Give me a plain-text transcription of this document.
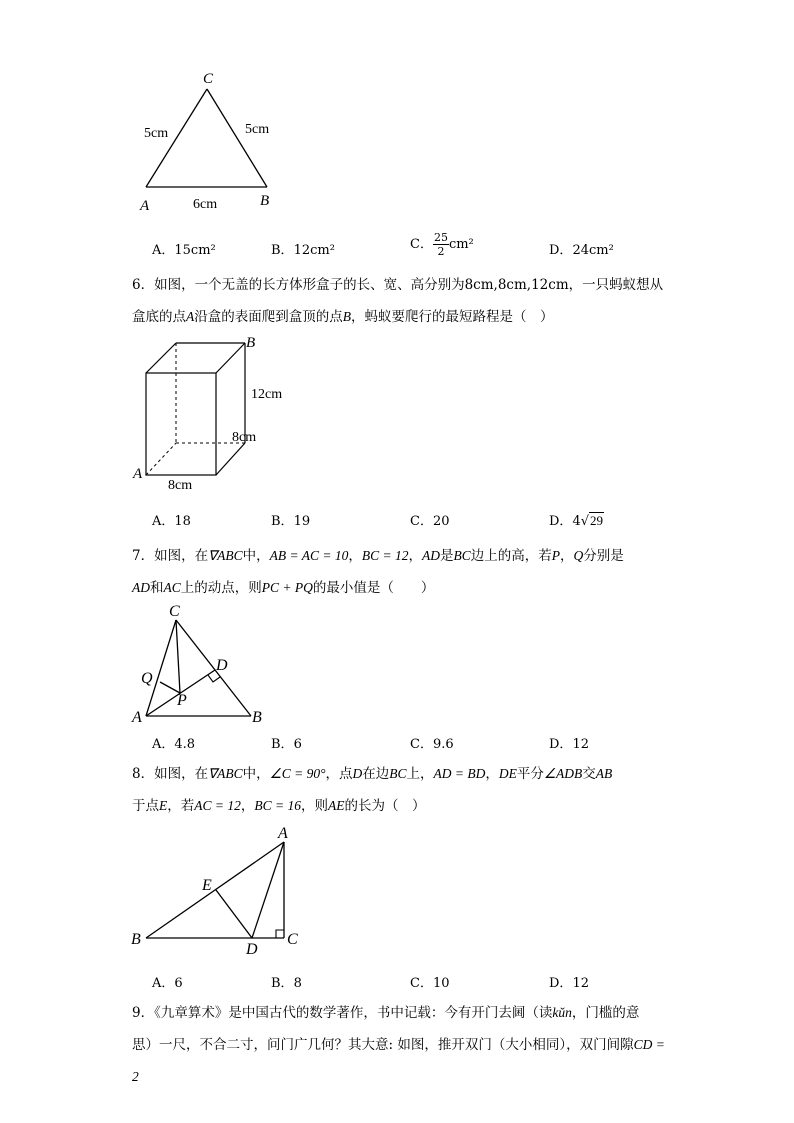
C
A	B
5cm	5cm
6cm
A．15cm²	B．12cm²	C． $\frac{25}{2} cm^2$	D．24cm²
6．如图，一个无盖的长方体形盒子的长、宽、高分别为8cm,8cm,12cm，一只蚂蚁想从
盒底的点A沿盒的表面爬到盒顶的点B，蚂蚁要爬行的最短路程是（　）
B
A
12cm
8cm
8cm
A．18	B．19	C．20	D．4√29
7．如图，在∇ABC中，AB = AC = 10，BC = 12，AD是BC边上的高，若P，Q分别是
AD和AC上的动点，则PC + PQ的最小值是（　　）
C
D
Q
P
A	B
A．4.8	B．6	C．9.6	D．12
8．如图，在∇ABC中，∠C = 90°，点D在边BC上，AD = BD，DE平分∠ADB交AB
于点E，若AC = 12，BC = 16，则AE的长为（　）
A
E
B
D
C
A．6	B．8	C．10	D．12
9．《九章算术》是中国古代的数学著作，书中记载：今有开门去阃（读kŭn，门槛的意
思）一尺，不合二寸，问门广几何？其大意: 如图，推开双门（大小相同），双门间隙CD = 2
